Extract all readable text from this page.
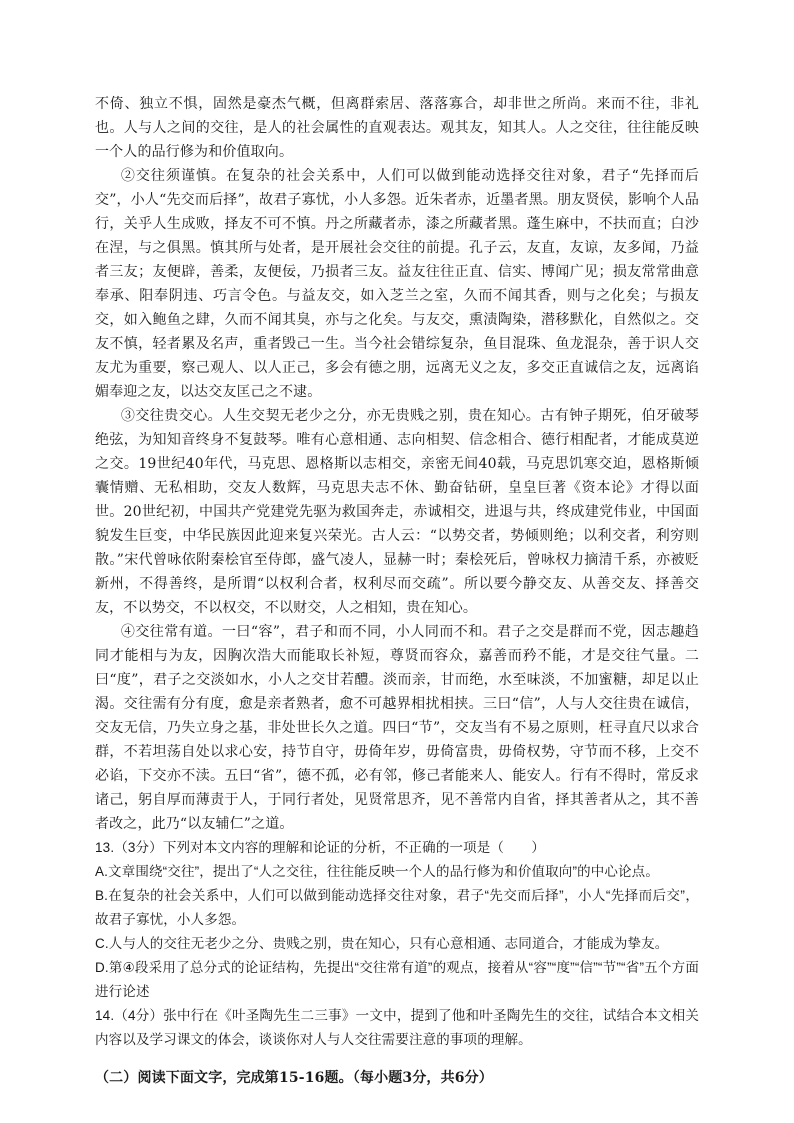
不倚、独立不惧，固然是豪杰气概，但离群索居、落落寡合，却非世之所尚。来而不往，非礼也。人与人之间的交往，是人的社会属性的直观表达。观其友，知其人。人之交往，往往能反映一个人的品行修为和价值取向。

②交往须谨慎。在复杂的社会关系中，人们可以做到能动选择交往对象，君子“先择而后交”，小人“先交而后择”，故君子寡忧，小人多怨。近朱者赤，近墨者黑。朋友贤侯，影响个人品行，关乎人生成败，择友不可不慎。丹之所藏者赤，漆之所藏者黑。蓬生麻中，不扶而直；白沙在涅，与之俱黑。慎其所与处者，是开展社会交往的前提。孔子云，友直，友谅，友多闻，乃益者三友；友便辟，善柔，友便佞，乃损者三友。益友往往正直、信实、博闻广见；损友常常曲意奉承、阳奉阴违、巧言令色。与益友交，如入芝兰之室，久而不闻其香，则与之化矣；与损友交，如入鲍鱼之肆，久而不闻其臭，亦与之化矣。与友交，熏渍陶染，潜移默化，自然似之。交友不慎，轻者累及名声，重者毁己一生。当今社会错综复杂，鱼目混珠、鱼龙混杂，善于识人交友尤为重要，察己观人、以人正己，多会有德之朋，远离无义之友，多交正直诚信之友，远离谄媚奉迎之友，以达交友匡己之不逮。

③交往贵交心。人生交契无老少之分，亦无贵贱之别，贵在知心。古有钟子期死，伯牙破琴绝弦，为知知音终身不复鼓琴。唯有心意相通、志向相契、信念相合、德行相配者，才能成莫逆之交。19世纪40年代，马克思、恩格斯以志相交，亲密无间40载，马克思饥寒交迫，恩格斯倾囊情赠、无私相助，交友人数辉，马克思夫志不休、勤奋钻研，皇皇巨著《资本论》才得以面世。20世纪初，中国共产党建党先驱为救国奔走，赤诚相交，进退与共，终成建党伟业，中国面貌发生巨变，中华民族因此迎来复兴荣光。古人云：“以势交者，势倾则绝；以利交者，利穷则散。”宋代曾咏依附秦桧官至侍郎，盛气凌人，显赫一时；秦桧死后，曾咏权力摘清千系，亦被贬新州，不得善终，是所谓“以权利合者，权利尽而交疏”。所以要今静交友、从善交友、择善交友，不以势交，不以权交，不以财交，人之相知，贵在知心。

④交往常有道。一曰“容”，君子和而不同，小人同而不和。君子之交是群而不党，因志趣趋同才能相与为友，因胸次浩大而能取长补短，尊贤而容众，嘉善而矜不能，才是交往气量。二曰“度”，君子之交淡如水，小人之交甘若醴。淡而亲，甘而绝，水至味淡，不加蜜糖，却足以止渴。交往需有分有度，愈是亲者熟者，愈不可越界相扰相挟。三曰“信”，人与人交往贵在诚信，交友无信，乃失立身之基，非处世长久之道。四曰“节”，交友当有不易之原则，枉寻直尺以求合群，不若坦荡自处以求心安，持节自守，毋倚年岁，毋倚富贵，毋倚权势，守节而不移，上交不必谄，下交亦不渎。五曰“省”，德不孤，必有邻，修己者能来人、能安人。行有不得时，常反求诸己，躬自厚而薄责于人，于同行者处，见贤常思齐，见不善常内自省，择其善者从之，其不善者改之，此乃“以友辅仁”之道。

13.（3分）下列对本文内容的理解和论证的分析，不正确的一项是（　　）

A.文章围绕“交往”，提出了“人之交往，往往能反映一个人的品行修为和价值取向”的中心论点。

B.在复杂的社会关系中，人们可以做到能动选择交往对象，君子“先交而后择”，小人“先择而后交”，故君子寡忧，小人多怨。

C.人与人的交往无老少之分、贵贱之别，贵在知心，只有心意相通、志同道合，才能成为挚友。

D.第④段采用了总分式的论证结构，先提出“交往常有道”的观点，接着从“容”“度”“信”“节”“省”五个方面进行论述

14.（4分）张中行在《叶圣陶先生二三事》一文中，提到了他和叶圣陶先生的交往，试结合本文相关内容以及学习课文的体会，谈谈你对人与人交往需要注意的事项的理解。

（二）阅读下面文字，完成第15-16题。（每小题3分，共6分）
